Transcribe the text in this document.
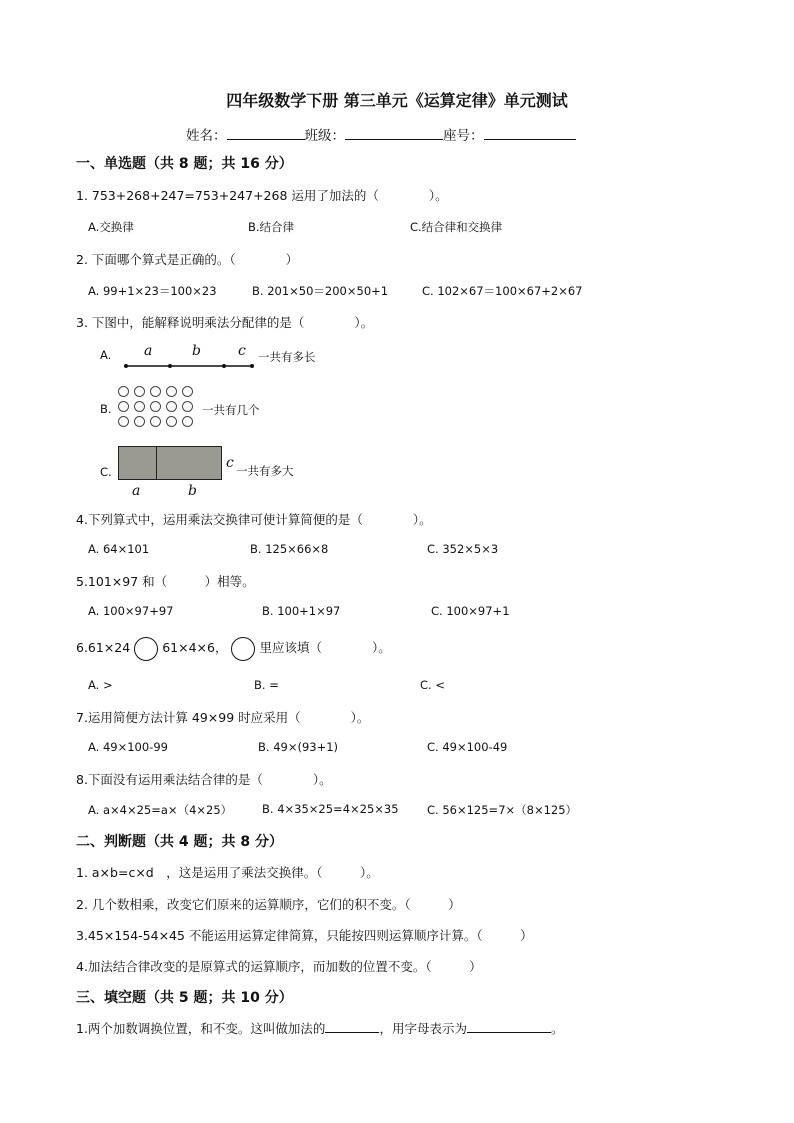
四年级数学下册 第三单元《运算定律》单元测试
姓名：	班级：	座号：
一、单选题（共 8 题；共 16 分）
1. 753+268+247=753+247+268 运用了加法的（　　　　）。
A.交换律	B.结合律	C.结合律和交换律
2. 下面哪个算式是正确的。（　　　　）
A. 99+1×23＝100×23	B. 201×50＝200×50+1	C. 102×67＝100×67+2×67
3. 下图中，能解释说明乘法分配律的是（　　　　）。
A. a	b	c 一共有多长
B.	一共有几个
C.
a	b
c 一共有多大
4.下列算式中，运用乘法交换律可使计算简便的是（　　　　）。
A. 64×101	B. 125×66×8	C. 352×5×3
5.101×97 和（　　　）相等。
A. 100×97+97	B. 100+1×97	C. 100×97+1
6.61×24	61×4×6，	里应该填（　　　　）。
A. >	B. =	C. <
7.运用简便方法计算 49×99 时应采用（　　　　）。
A. 49×100-99	B. 49×(93+1)	C. 49×100-49
8.下面没有运用乘法结合律的是（　　　　）。
A. a×4×25=a×（4×25）	B. 4×35×25=4×25×35 C. 56×125=7×（8×125）
二、判断题（共 4 题；共 8 分）
1. a×b=c×d　，这是运用了乘法交换律。（　　　）。
2. 几个数相乘，改变它们原来的运算顺序，它们的积不变。（　　　）
3.45×154-54×45 不能运用运算定律简算，只能按四则运算顺序计算。（　　　）
4.加法结合律改变的是原算式的运算顺序，而加数的位置不变。（　　　）
三、填空题（共 5 题；共 10 分）
1.两个加数调换位置，和不变。这叫做加法的	，用字母表示为	。
